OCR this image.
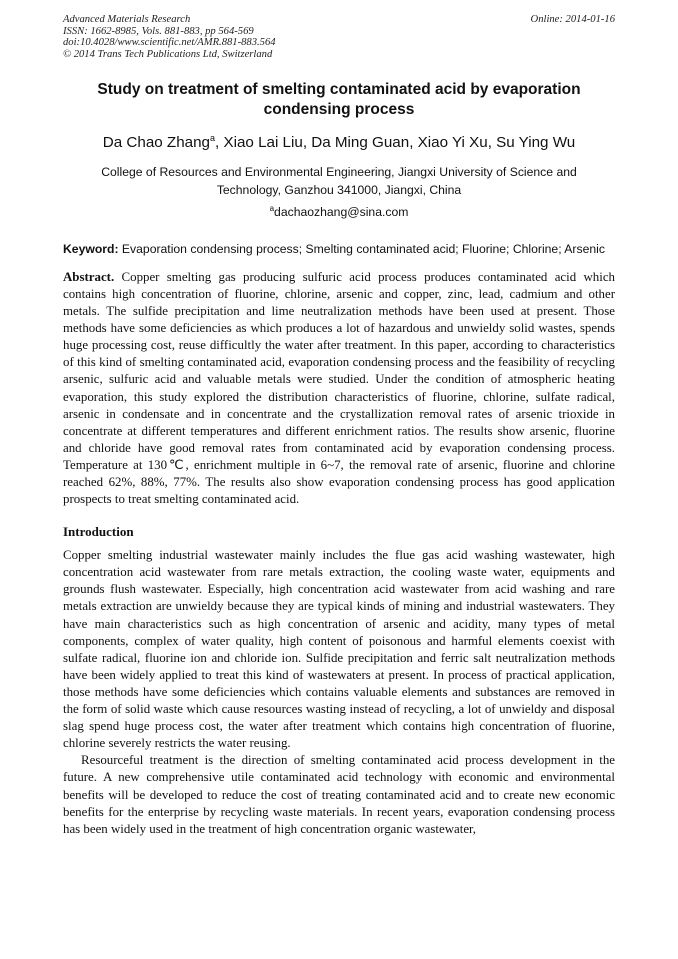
Advanced Materials Research
ISSN: 1662-8985, Vols. 881-883, pp 564-569
doi:10.4028/www.scientific.net/AMR.881-883.564
© 2014 Trans Tech Publications Ltd, Switzerland
Online: 2014-01-16
Study on treatment of smelting contaminated acid by evaporation condensing process
Da Chao Zhang$^a$, Xiao Lai Liu, Da Ming Guan, Xiao Yi Xu, Su Ying Wu
College of Resources and Environmental Engineering, Jiangxi University of Science and Technology, Ganzhou 341000, Jiangxi, China
$^a$dachaozhang@sina.com
Keyword: Evaporation condensing process; Smelting contaminated acid; Fluorine; Chlorine; Arsenic
Abstract. Copper smelting gas producing sulfuric acid process produces contaminated acid which contains high concentration of fluorine, chlorine, arsenic and copper, zinc, lead, cadmium and other metals. The sulfide precipitation and lime neutralization methods have been used at present. Those methods have some deficiencies as which produces a lot of hazardous and unwieldy solid wastes, spends huge processing cost, reuse difficultly the water after treatment. In this paper, according to characteristics of this kind of smelting contaminated acid, evaporation condensing process and the feasibility of recycling arsenic, sulfuric acid and valuable metals were studied. Under the condition of atmospheric heating evaporation, this study explored the distribution characteristics of fluorine, chlorine, sulfate radical, arsenic in condensate and in concentrate and the crystallization removal rates of arsenic trioxide in concentrate at different temperatures and different enrichment ratios. The results show arsenic, fluorine and chloride have good removal rates from contaminated acid by evaporation condensing process. Temperature at 130℃, enrichment multiple in 6~7, the removal rate of arsenic, fluorine and chlorine reached 62%, 88%, 77%. The results also show evaporation condensing process has good application prospects to treat smelting contaminated acid.
Introduction
Copper smelting industrial wastewater mainly includes the flue gas acid washing wastewater, high concentration acid wastewater from rare metals extraction, the cooling waste water, equipments and grounds flush wastewater. Especially, high concentration acid wastewater from acid washing and rare metals extraction are unwieldy because they are typical kinds of mining and industrial wastewaters. They have main characteristics such as high concentration of arsenic and acidity, many types of metal components, complex of water quality, high content of poisonous and harmful elements coexist with sulfate radical, fluorine ion and chloride ion. Sulfide precipitation and ferric salt neutralization methods have been widely applied to treat this kind of wastewaters at present. In process of practical application, those methods have some deficiencies which contains valuable elements and substances are removed in the form of solid waste which cause resources wasting instead of recycling, a lot of unwieldy and disposal slag spend huge process cost, the water after treatment which contains high concentration of fluorine, chlorine severely restricts the water reusing.
Resourceful treatment is the direction of smelting contaminated acid process development in the future. A new comprehensive utile contaminated acid technology with economic and environmental benefits will be developed to reduce the cost of treating contaminated acid and to create new economic benefits for the enterprise by recycling waste materials. In recent years, evaporation condensing process has been widely used in the treatment of high concentration organic wastewater,
